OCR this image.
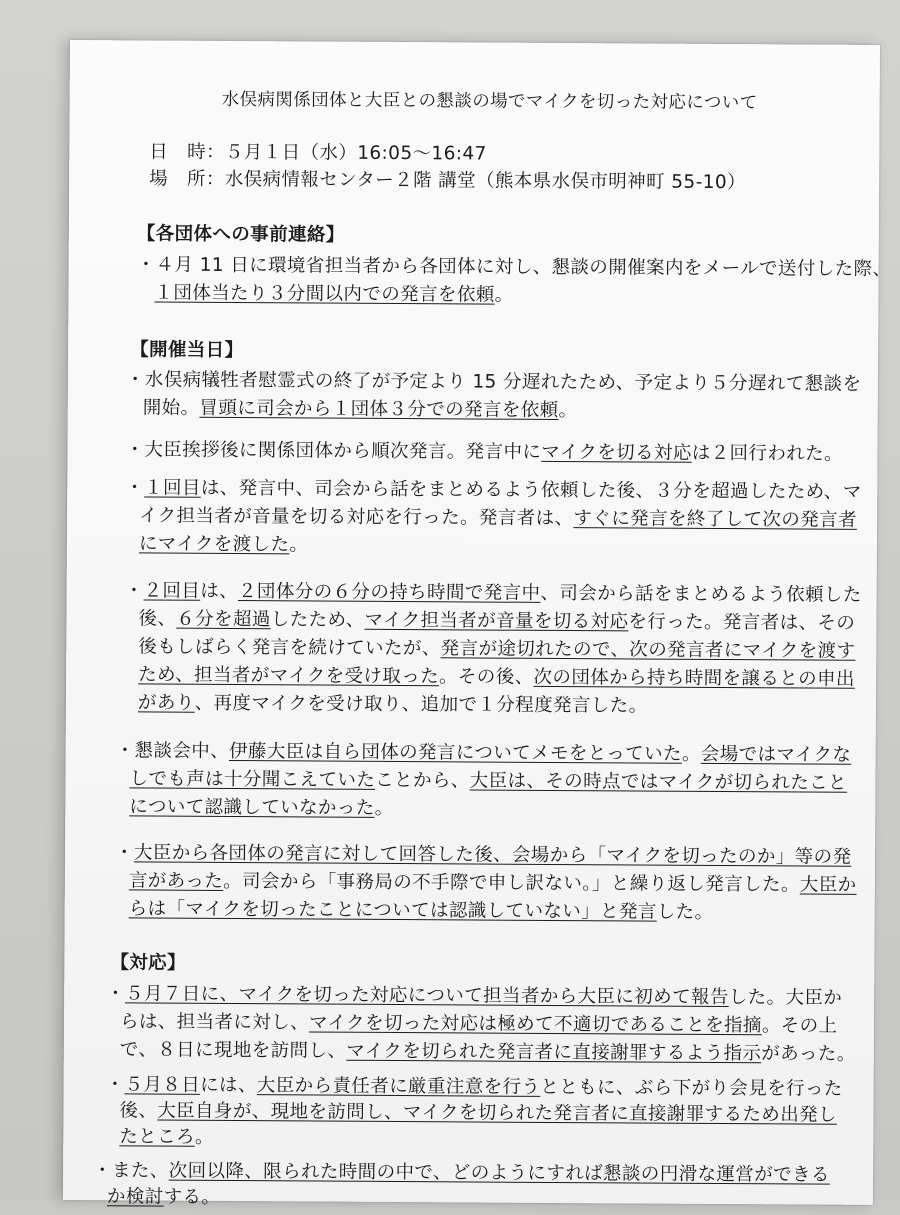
水俣病関係団体と大臣との懇談の場でマイクを切った対応について
日　時：５月１日（水）16:05～16:47
場　所：水俣病情報センター２階 講堂（熊本県水俣市明神町 55-10）
【各団体への事前連絡】
・４月 11 日に環境省担当者から各団体に対し、懇談の開催案内をメールで送付した際、
１団体当たり３分間以内での発言を依頼。
【開催当日】
・水俣病犠牲者慰霊式の終了が予定より 15 分遅れたため、予定より５分遅れて懇談を
開始。冒頭に司会から１団体３分での発言を依頼。
・大臣挨拶後に関係団体から順次発言。発言中にマイクを切る対応は２回行われた。
・１回目は、発言中、司会から話をまとめるよう依頼した後、３分を超過したため、マ
イク担当者が音量を切る対応を行った。発言者は、すぐに発言を終了して次の発言者
にマイクを渡した。
・２回目は、２団体分の６分の持ち時間で発言中、司会から話をまとめるよう依頼した
後、６分を超過したため、マイク担当者が音量を切る対応を行った。発言者は、その
後もしばらく発言を続けていたが、発言が途切れたので、次の発言者にマイクを渡す
ため、担当者がマイクを受け取った。その後、次の団体から持ち時間を譲るとの申出
があり、再度マイクを受け取り、追加で１分程度発言した。
・懇談会中、伊藤大臣は自ら団体の発言についてメモをとっていた。会場ではマイクな
しでも声は十分聞こえていたことから、大臣は、その時点ではマイクが切られたこと
について認識していなかった。
・大臣から各団体の発言に対して回答した後、会場から「マイクを切ったのか」等の発
言があった。司会から「事務局の不手際で申し訳ない。」と繰り返し発言した。大臣か
らは「マイクを切ったことについては認識していない」と発言した。
【対応】
・５月７日に、マイクを切った対応について担当者から大臣に初めて報告した。大臣か
らは、担当者に対し、マイクを切った対応は極めて不適切であることを指摘。その上
で、８日に現地を訪問し、マイクを切られた発言者に直接謝罪するよう指示があった。
・５月８日には、大臣から責任者に厳重注意を行うとともに、ぶら下がり会見を行った
後、大臣自身が、現地を訪問し、マイクを切られた発言者に直接謝罪するため出発し
たところ。
・また、次回以降、限られた時間の中で、どのようにすれば懇談の円滑な運営ができる
か検討する。
